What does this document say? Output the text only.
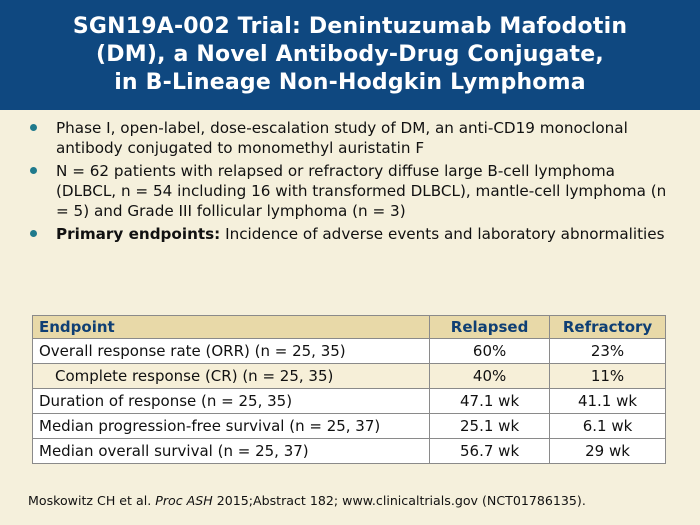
SGN19A-002 Trial: Denintuzumab Mafodotin
(DM), a Novel Antibody-Drug Conjugate,
in B-Lineage Non-Hodgkin Lymphoma
Phase I, open-label, dose-escalation study of DM, an anti-CD19 monoclonal antibody conjugated to monomethyl auristatin F
N = 62 patients with relapsed or refractory diffuse large B-cell lymphoma (DLBCL, n = 54 including 16 with transformed DLBCL), mantle-cell lymphoma (n = 5) and Grade III follicular lymphoma (n = 3)
Primary endpoints: Incidence of adverse events and laboratory abnormalities
Endpoint	Relapsed	Refractory
Overall response rate (ORR) (n = 25, 35)	60%	23%
Complete response (CR) (n = 25, 35)	40%	11%
Duration of response (n = 25, 35)	47.1 wk	41.1 wk
Median progression-free survival (n = 25, 37)	25.1 wk	6.1 wk
Median overall survival (n = 25, 37)	56.7 wk	29 wk
Moskowitz CH et al. Proc ASH 2015;Abstract 182; www.clinicaltrials.gov (NCT01786135).
